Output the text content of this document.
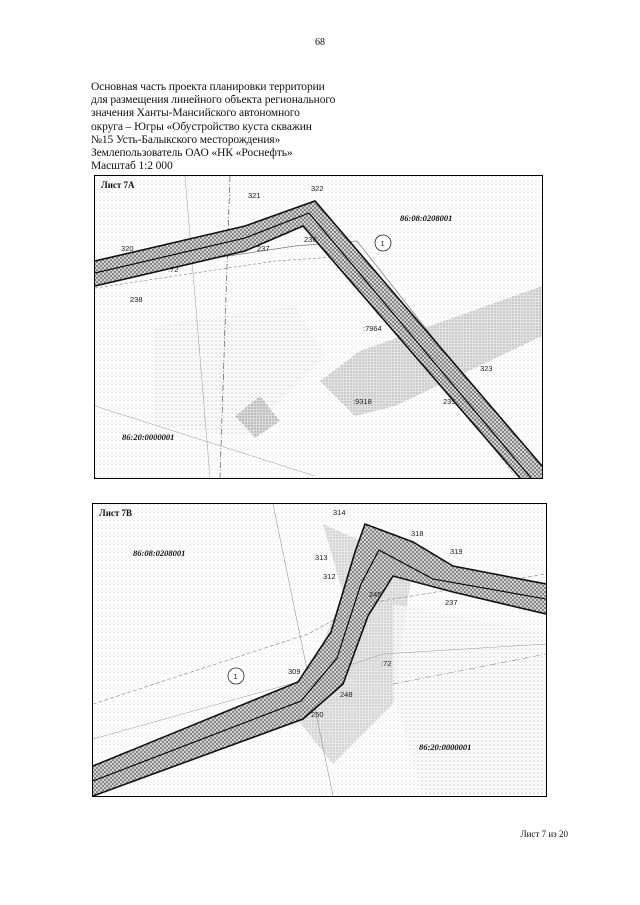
68
Основная часть проекта планировки территории
для размещения линейного объекта регионального
значения Ханты-Мансийского автономного
округа – Югры «Обустройство куста скважин
№15 Усть-Балыкского месторождения»
Землепользователь ОАО «НК «Роснефть»
Масштаб 1:2 000
Лист 7А
86:08:0208001
86:20:0000001
:7964
:9318
:72
1
320
321
322
323
236
237
238
235
Лист 7В
86:08:0208001
86:20:0000001
:72
1
314
313
312
318
319
245
237
309
248
250
Лист 7 из 20
